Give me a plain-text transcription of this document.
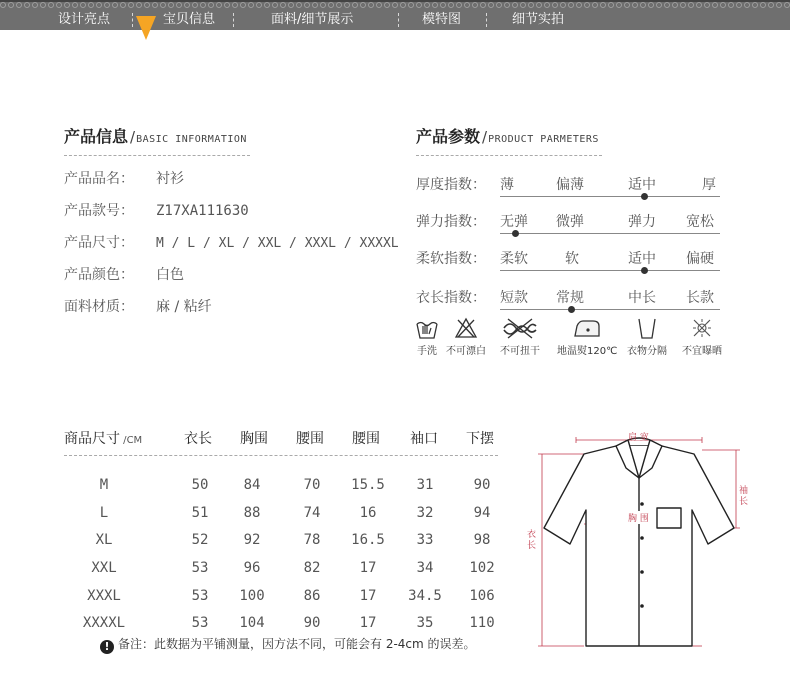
设计亮点	宝贝信息	面料/细节展示	模特图	细节实拍
产品信息 /BASIC INFORMATION
产品品名： 衬衫
产品款号： Z17XA111630
产品尺寸： M / L / XL / XXL / XXXL / XXXXL
产品颜色： 白色
面料材质： 麻 / 粘纤
产品参数 /PRODUCT PARMETERS
厚度指数： 薄	偏薄	适中	厚
弹力指数： 无弹 微弹	弹力 宽松
柔软指数： 柔软	软	适中 偏硬
衣长指数： 短款 常规	中长 长款
手洗 不可漂白 不可扭干 地温熨120℃ 衣物分隔 不宜曝晒
商品尺寸 /CM	衣长 胸围 腰围 腰围 袖口 下摆
M	50	84	70	15.5	31	90
L	51	88	74	16	32	94
XL	52	92	78	16.5	33	98
XXL	53	96	82	17	34	102
XXXL	53	100	86	17	34.5	106
XXXXL	53	104	90	17	35	110
! 备注：此数据为平铺测量，因方法不同，可能会有 2-4cm 的误差。
肩 宽
胸 围
衣长
袖长
